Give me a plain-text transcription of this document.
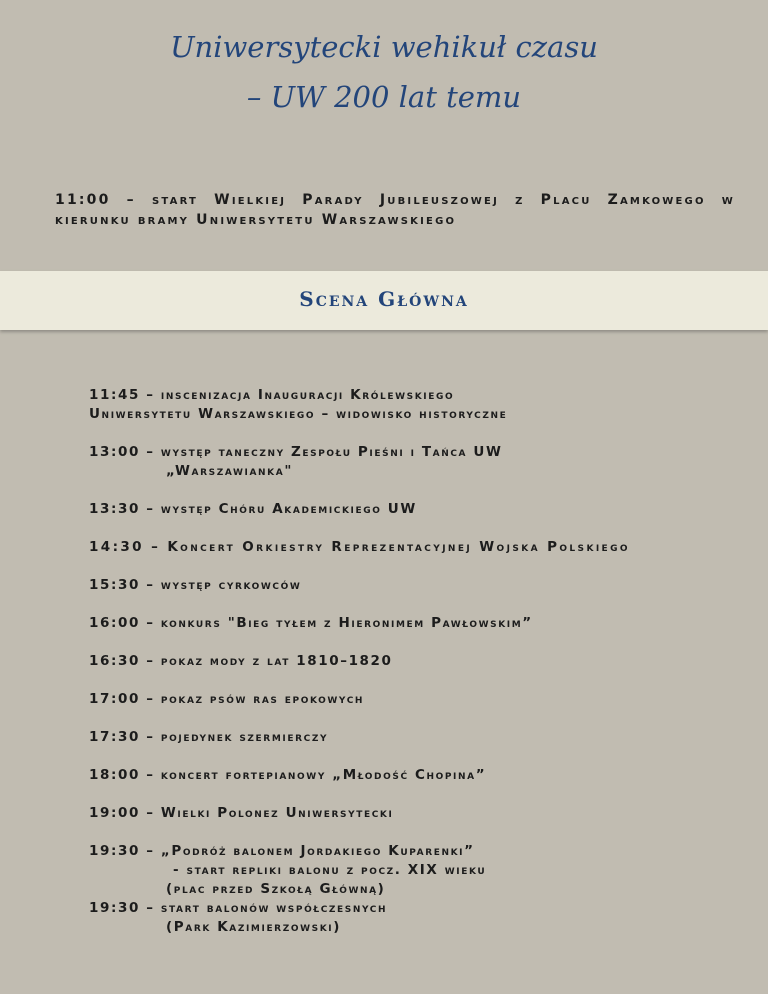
Uniwersytecki wehikuł czasu
– UW 200 lat temu
11:00 – start Wielkiej Parady Jubileuszowej z Placu Zamkowego w kierunku bramy Uniwersytetu Warszawskiego
Scena Główna
11:45 – inscenizacja Inauguracji Królewskiego
Uniwersytetu Warszawskiego – widowisko historyczne
13:00 – występ taneczny Zespołu Pieśni i Tańca UW
„Warszawianka"
13:30 – występ Chóru Akademickiego UW
14:30 – Koncert Orkiestry Reprezentacyjnej Wojska Polskiego
15:30 – występ cyrkowców
16:00 – konkurs "Bieg tyłem z Hieronimem Pawłowskim”
16:30 – pokaz mody z lat 1810–1820
17:00 – pokaz psów ras epokowych
17:30 – pojedynek szermierczy
18:00 – koncert fortepianowy „Młodość Chopina”
19:00 – Wielki Polonez Uniwersytecki
19:30 – „Podróż balonem Jordakiego Kuparenki”
- start repliki balonu z pocz. XIX wieku
(plac przed Szkołą Główną)
19:30 – start balonów współczesnych
(Park Kazimierzowski)
